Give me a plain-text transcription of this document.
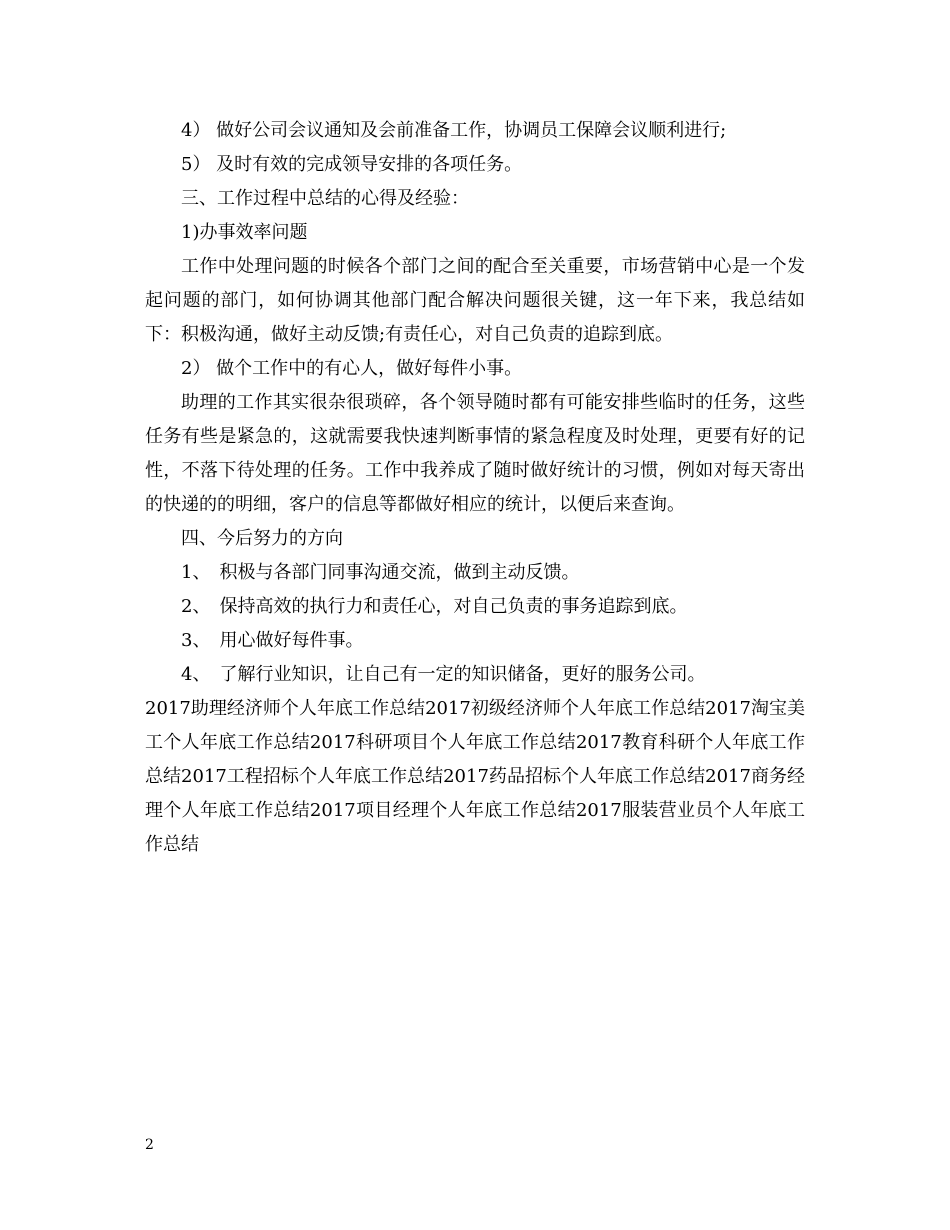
4） 做好公司会议通知及会前准备工作，协调员工保障会议顺利进行;
5） 及时有效的完成领导安排的各项任务。
三、工作过程中总结的心得及经验：
1)办事效率问题

工作中处理问题的时候各个部门之间的配合至关重要，市场营销中心是一个发起问题的部门，如何协调其他部门配合解决问题很关键，这一年下来，我总结如下：积极沟通，做好主动反馈;有责任心，对自己负责的追踪到底。

2） 做个工作中的有心人，做好每件小事。

助理的工作其实很杂很琐碎，各个领导随时都有可能安排些临时的任务，这些任务有些是紧急的，这就需要我快速判断事情的紧急程度及时处理，更要有好的记性，不落下待处理的任务。工作中我养成了随时做好统计的习惯，例如对每天寄出的快递的的明细，客户的信息等都做好相应的统计，以便后来查询。

四、今后努力的方向
1、　积极与各部门同事沟通交流，做到主动反馈。
2、　保持高效的执行力和责任心，对自己负责的事务追踪到底。
3、　用心做好每件事。
4、　了解行业知识，让自己有一定的知识储备，更好的服务公司。

2017助理经济师个人年底工作总结2017初级经济师个人年底工作总结2017淘宝美工个人年底工作总结2017科研项目个人年底工作总结2017教育科研个人年底工作总结2017工程招标个人年底工作总结2017药品招标个人年底工作总结2017商务经理个人年底工作总结2017项目经理个人年底工作总结2017服装营业员个人年底工作总结

2
